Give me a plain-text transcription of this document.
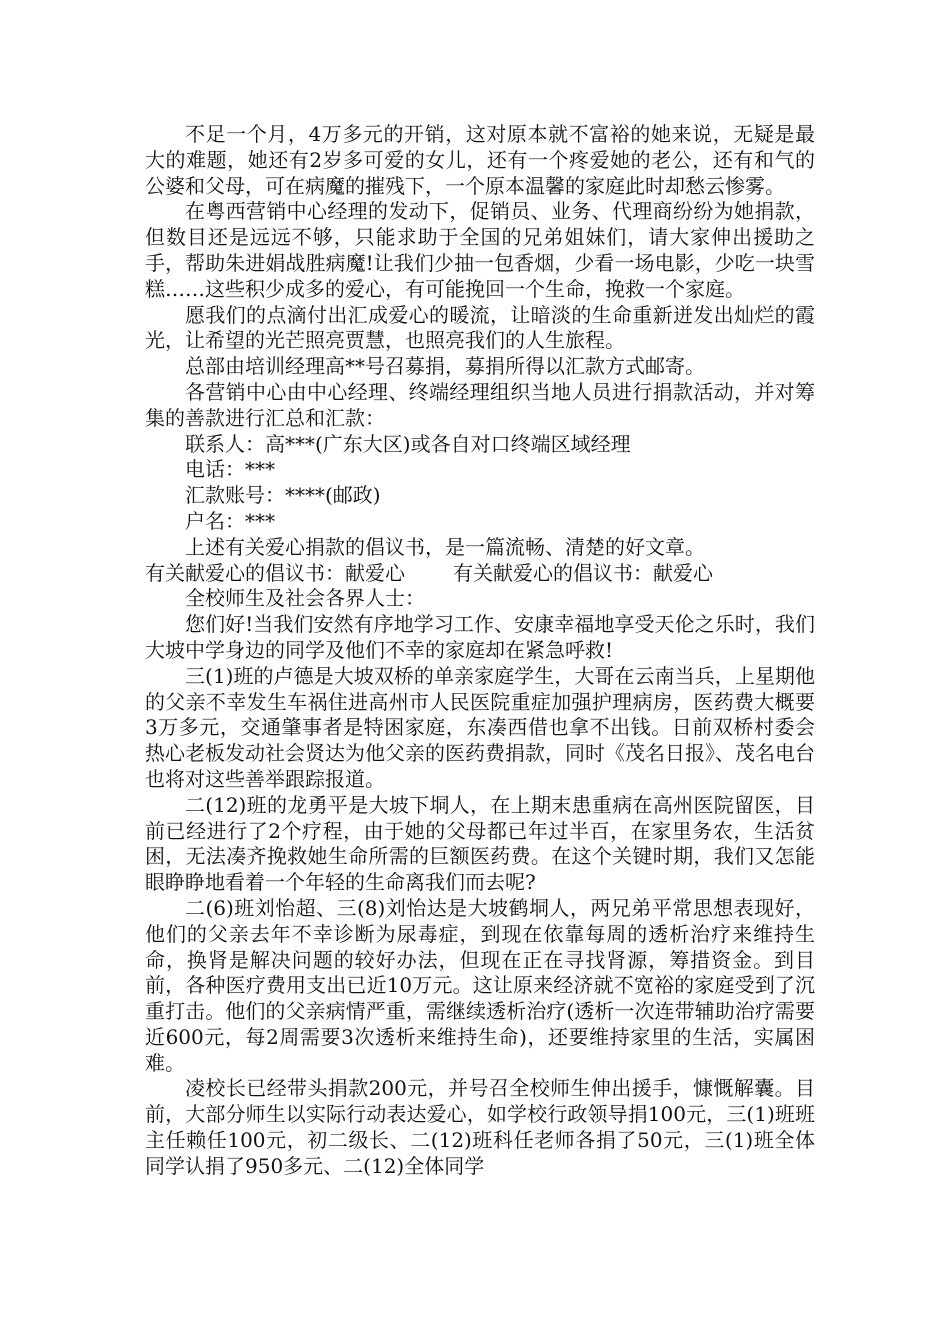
不足一个月，4万多元的开销，这对原本就不富裕的她来说，无疑是最大的难题，她还有2岁多可爱的女儿，还有一个疼爱她的老公，还有和气的公婆和父母，可在病魔的摧残下，一个原本温馨的家庭此时却愁云惨雾。

在粤西营销中心经理的发动下，促销员、业务、代理商纷纷为她捐款，但数目还是远远不够，只能求助于全国的兄弟姐妹们，请大家伸出援助之手，帮助朱进娟战胜病魔!让我们少抽一包香烟，少看一场电影，少吃一块雪糕……这些积少成多的爱心，有可能挽回一个生命，挽救一个家庭。

愿我们的点滴付出汇成爱心的暖流，让暗淡的生命重新迸发出灿烂的霞光，让希望的光芒照亮贾慧，也照亮我们的人生旅程。

总部由培训经理高**号召募捐，募捐所得以汇款方式邮寄。

各营销中心由中心经理、终端经理组织当地人员进行捐款活动，并对筹集的善款进行汇总和汇款：

联系人：高***(广东大区)或各自对口终端区域经理

电话：***

汇款账号：****(邮政)

户名：***

上述有关爱心捐款的倡议书，是一篇流畅、清楚的好文章。

有关献爱心的倡议书：献爱心 有关献爱心的倡议书：献爱心

全校师生及社会各界人士：

您们好!当我们安然有序地学习工作、安康幸福地享受天伦之乐时，我们大坡中学身边的同学及他们不幸的家庭却在紧急呼救!

三(1)班的卢德是大坡双桥的单亲家庭学生，大哥在云南当兵，上星期他的父亲不幸发生车祸住进高州市人民医院重症加强护理病房，医药费大概要3万多元，交通肇事者是特困家庭，东凑西借也拿不出钱。日前双桥村委会热心老板发动社会贤达为他父亲的医药费捐款，同时《茂名日报》、茂名电台也将对这些善举跟踪报道。

二(12)班的龙勇平是大坡下垌人，在上期末患重病在高州医院留医，目前已经进行了2个疗程，由于她的父母都已年过半百，在家里务农，生活贫困，无法凑齐挽救她生命所需的巨额医药费。在这个关键时期，我们又怎能眼睁睁地看着一个年轻的生命离我们而去呢?

二(6)班刘怡超、三(8)刘怡达是大坡鹤垌人，两兄弟平常思想表现好，他们的父亲去年不幸诊断为尿毒症，到现在依靠每周的透析治疗来维持生命，换肾是解决问题的较好办法，但现在正在寻找肾源，筹措资金。到目前，各种医疗费用支出已近10万元。这让原来经济就不宽裕的家庭受到了沉重打击。他们的父亲病情严重，需继续透析治疗(透析一次连带辅助治疗需要近600元，每2周需要3次透析来维持生命)，还要维持家里的生活，实属困难。

凌校长已经带头捐款200元，并号召全校师生伸出援手，慷慨解囊。目前，大部分师生以实际行动表达爱心，如学校行政领导捐100元，三(1)班班主任赖任100元，初二级长、二(12)班科任老师各捐了50元，三(1)班全体同学认捐了950多元、二(12)全体同学
